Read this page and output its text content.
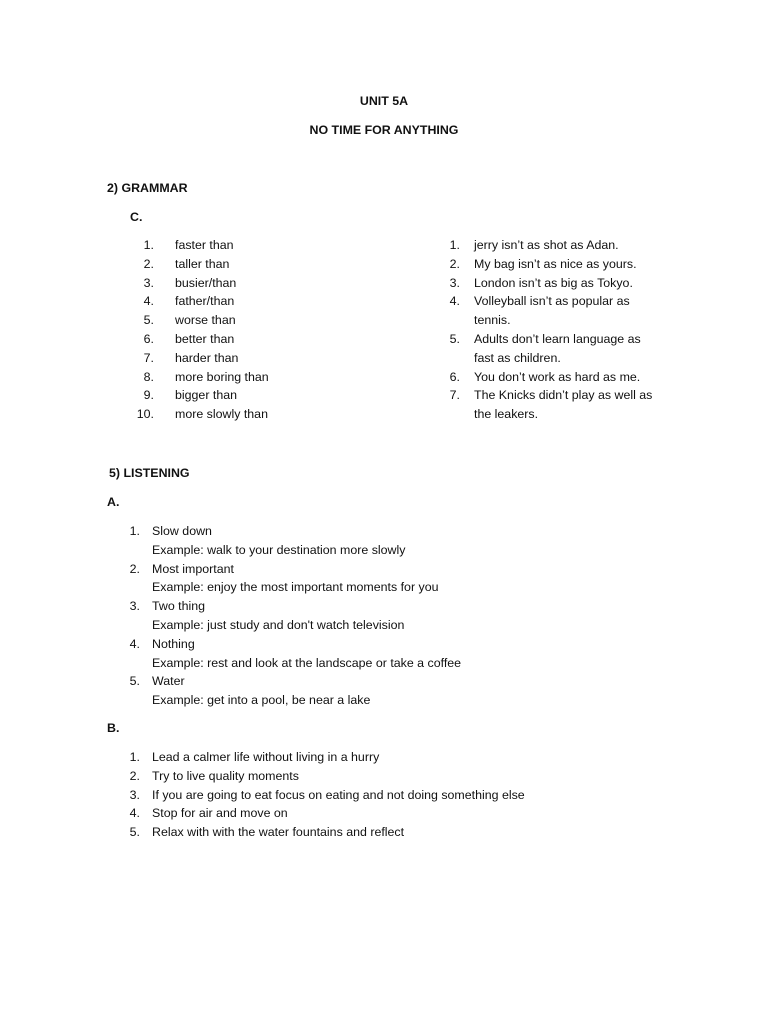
UNIT 5A
NO TIME FOR ANYTHING
2) GRAMMAR
C.
1.	faster than
2.	taller than
3.	busier/than
4.	father/than
5.	worse than
6.	better than
7.	harder than
8.	more boring than
9.	bigger than
10.	more slowly than
1.	jerry isn’t as shot as Adan.
2.	My bag isn’t as nice as yours.
3.	London isn’t as big as Tokyo.
4.	Volleyball isn’t as popular as tennis.
5.	Adults don’t learn language as fast as children.
6.	You don’t work as hard as me.
7.	The Knicks didn’t play as well as the leakers.
5) LISTENING
A.
1. Slow down
Example: walk to your destination more slowly
2. Most important
Example: enjoy the most important moments for you
3. Two thing
Example: just study and don't watch television
4. Nothing
Example: rest and look at the landscape or take a coffee
5. Water
Example: get into a pool, be near a lake
B.
1. Lead a calmer life without living in a hurry
2. Try to live quality moments
3. If you are going to eat focus on eating and not doing something else
4. Stop for air and move on
5. Relax with with the water fountains and reflect
